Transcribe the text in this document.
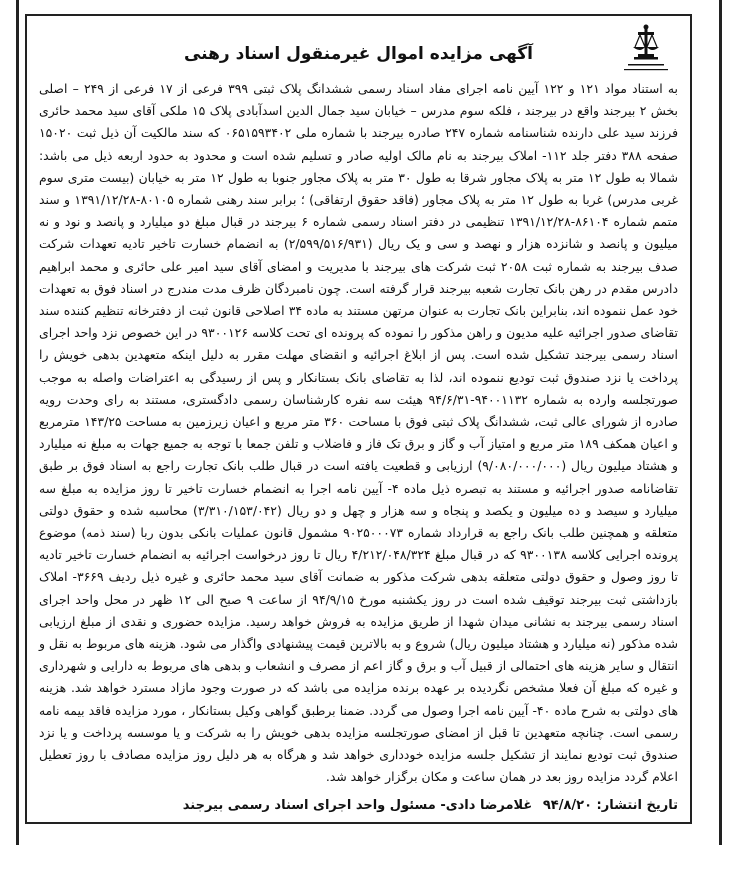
آگهی مزایده اموال غیرمنقول اسناد رهنی

به استناد مواد ۱۲۱ و ۱۲۲ آیین نامه اجرای مفاد اسناد رسمی ششدانگ پلاک ثبتی ۳۹۹ فرعی از ۱۷ فرعی از ۲۴۹ – اصلی بخش ۲ بیرجند واقع در بیرجند ، فلکه سوم مدرس – خیابان سید جمال الدین اسدآبادی پلاک ۱۵ ملکی آقای سید محمد حائری فرزند سید علی دارنده شناسنامه شماره ۲۴۷ صادره بیرجند با شماره ملی ۰۶۵۱۵۹۳۴۰۲ که سند مالکیت آن ذیل ثبت ۱۵۰۲۰ صفحه ۳۸۸ دفتر جلد ۱۱۲- املاک بیرجند به نام مالک اولیه صادر و تسلیم شده است و محدود به حدود اربعه ذیل می باشد: شمالا به طول ۱۲ متر به پلاک مجاور شرقا به طول ۳۰ متر به پلاک مجاور جنوبا به طول ۱۲ متر به خیابان (بیست متری سوم غربی مدرس) غربا به طول ۱۲ متر به پلاک مجاور (فاقد حقوق ارتفاقی) ؛ برابر سند رهنی شماره ۸۰۱۰۵-۱۳۹۱/۱۲/۲۸ و سند متمم شماره ۸۶۱۰۴-۱۳۹۱/۱۲/۲۸ تنظیمی در دفتر اسناد رسمی شماره ۶ بیرجند در قبال مبلغ دو میلیارد و پانصد و نود و نه میلیون و پانصد و شانزده هزار و نهصد و سی و یک ریال (۲/۵۹۹/۵۱۶/۹۳۱) به انضمام خسارت تاخیر تادیه تعهدات شرکت صدف بیرجند به شماره ثبت ۲۰۵۸ ثبت شرکت های بیرجند با مدیریت و امضای آقای سید امیر علی حائری و محمد ابراهیم دادرس مقدم در رهن بانک تجارت شعبه بیرجند قرار گرفته است. چون نامبردگان ظرف مدت مندرج در اسناد فوق به تعهدات خود عمل ننموده اند، بنابراین بانک تجارت به عنوان مرتهن مستند به ماده ۳۴ اصلاحی قانون ثبت از دفترخانه تنظیم کننده سند تقاضای صدور اجرائیه علیه مدیون و راهن مذکور را نموده که پرونده ای تحت کلاسه ۹۳۰۰۱۲۶ در این خصوص نزد واحد اجرای اسناد رسمی بیرجند تشکیل شده است. پس از ابلاغ اجرائیه و انقضای مهلت مقرر به دلیل اینکه متعهدین بدهی خویش را پرداخت یا نزد صندوق ثبت تودیع ننموده اند، لذا به تقاضای بانک بستانکار و پس از رسیدگی به اعتراضات واصله به موجب صورتجلسه وارده به شماره ۹۴۰۰۱۱۳۲-۹۴/۶/۳۱ هیئت سه نفره کارشناسان رسمی دادگستری، مستند به رای وحدت رویه صادره از شورای عالی ثبت، ششدانگ پلاک ثبتی فوق با مساحت ۳۶۰ متر مربع و اعیان زیرزمین به مساحت ۱۴۳/۲۵ مترمربع و اعیان همکف ۱۸۹ متر مربع و امتیاز آب و گاز و برق تک فاز و فاضلاب و تلفن جمعا با توجه به جمیع جهات به مبلغ نه میلیارد و هشتاد میلیون ریال (۹/۰۸۰/۰۰۰/۰۰۰) ارزیابی و قطعیت یافته است در قبال طلب بانک تجارت راجع به اسناد فوق بر طبق تقاضانامه صدور اجرائیه و مستند به تبصره ذیل ماده ۴- آیین نامه اجرا به انضمام خسارت تاخیر تا روز مزایده به مبلغ سه میلیارد و سیصد و ده میلیون و یکصد و پنجاه و سه هزار و چهل و دو ریال (۳/۳۱۰/۱۵۳/۰۴۲) محاسبه شده و حقوق دولتی متعلقه و همچنین طلب بانک راجع به قرارداد شماره ۹۰۲۵۰۰۰۷۳ مشمول قانون عملیات بانکی بدون ربا (سند ذمه) موضوع پرونده اجرایی کلاسه ۹۳۰۰۱۳۸ که در قبال مبلغ ۴/۲۱۲/۰۴۸/۳۲۴ ریال تا روز درخواست اجرائیه به انضمام خسارت تاخیر تادیه تا روز وصول و حقوق دولتی متعلقه بدهی شرکت مذکور به ضمانت آقای سید محمد حائری و غیره ذیل ردیف ۳۶۶۹- املاک بازداشتی ثبت بیرجند توقیف شده است در روز یکشنبه مورخ ۹۴/۹/۱۵ از ساعت ۹ صبح الی ۱۲ ظهر در محل واحد اجرای اسناد رسمی بیرجند به نشانی میدان شهدا از طریق مزایده به فروش خواهد رسید. مزایده حضوری و نقدی از مبلغ ارزیابی شده مذکور (نه میلیارد و هشتاد میلیون ریال) شروع و به بالاترین قیمت پیشنهادی واگذار می شود. هزینه های مربوط به نقل و انتقال و سایر هزینه های احتمالی از قبیل آب و برق و گاز اعم از مصرف و انشعاب و بدهی های مربوط به دارایی و شهرداری و غیره که مبلغ آن فعلا مشخص نگردیده بر عهده برنده مزایده می باشد که در صورت وجود مازاد مسترد خواهد شد. هزینه های دولتی به شرح ماده ۴۰- آیین نامه اجرا وصول می گردد. ضمنا برطبق گواهی وکیل بستانکار ، مورد مزایده فاقد بیمه نامه رسمی است. چنانچه متعهدین تا قبل از امضای صورتجلسه مزایده بدهی خویش را به شرکت و یا موسسه پرداخت و یا نزد صندوق ثبت تودیع نمایند از تشکیل جلسه مزایده خودداری خواهد شد و هرگاه به هر دلیل روز مزایده مصادف با روز تعطیل اعلام گردد مزایده روز بعد در همان ساعت و مکان برگزار خواهد شد.

تاریخ انتشار: ۹۴/۸/۲۰ غلامرضا دادی- مسئول واحد اجرای اسناد رسمی بیرجند
